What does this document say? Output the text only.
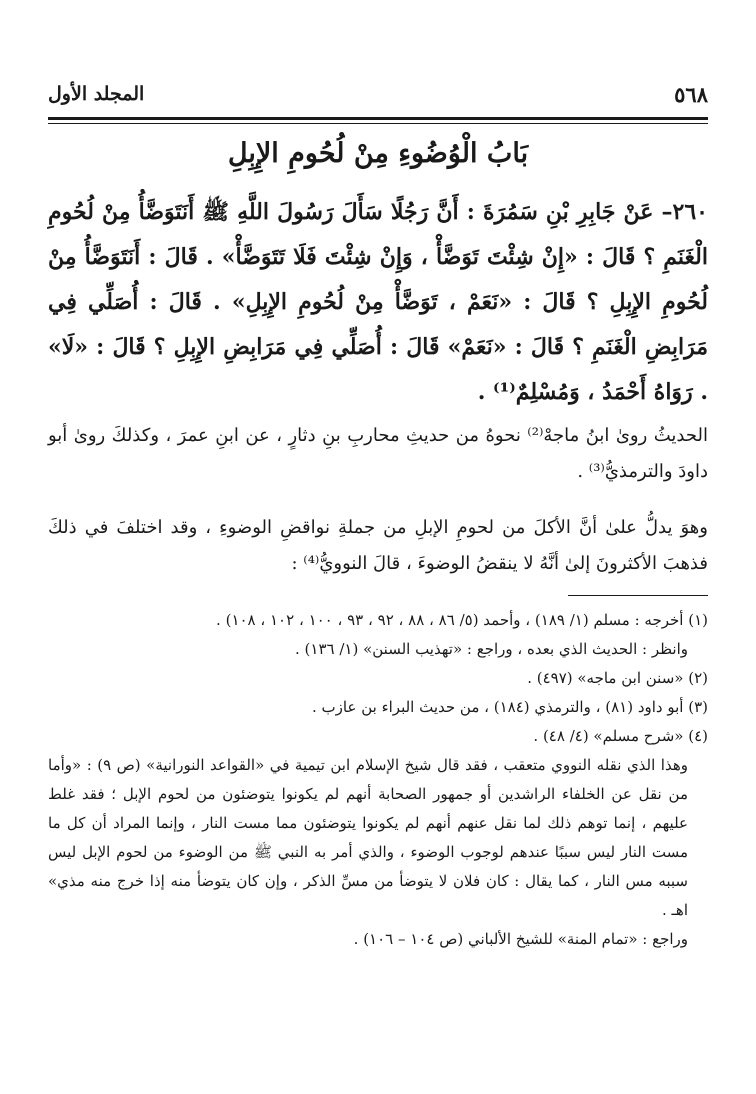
المجلد الأول	٥٦٨
بَابُ الْوُضُوءِ مِنْ لُحُومِ الإِبِلِ
٢٦٠– عَنْ جَابِرِ بْنِ سَمُرَةَ : أَنَّ رَجُلًا سَأَلَ رَسُولَ اللَّهِ ﷺ أَنَتَوَضَّأُ مِنْ لُحُومِ الْغَنَمِ ؟ قَالَ : «إِنْ شِئْتَ تَوَضَّأْ ، وَإِنْ شِئْتَ فَلَا تَتَوَضَّأْ» . قَالَ : أَنَتَوَضَّأُ مِنْ لُحُومِ الإِبِلِ ؟ قَالَ : «نَعَمْ ، تَوَضَّأْ مِنْ لُحُومِ الإِبِلِ» . قَالَ : أُصَلِّي فِي مَرَابِضِ الْغَنَمِ ؟ قَالَ : «نَعَمْ» قَالَ : أُصَلِّي فِي مَرَابِضِ الإِبِلِ ؟ قَالَ : «لَا» . رَوَاهُ أَحْمَدُ ، وَمُسْلِمٌ⁽¹⁾ .
الحديثُ روىٰ ابنُ ماجهْ⁽²⁾ نحوهُ من حديثِ محاربِ بنِ دثارٍ ، عن ابنِ عمرَ ، وكذلكَ روىٰ أبو داودَ والترمذيُّ⁽³⁾ .
وهوَ يدلُّ علىٰ أنَّ الأكلَ من لحومِ الإبلِ من جملةِ نواقضِ الوضوءِ ، وقد اختلفَ في ذلكَ فذهبَ الأكثرونَ إلىٰ أنَّهُ لا ينقضُ الوضوءَ ، قالَ النوويُّ⁽⁴⁾ :

(١) أخرجه : مسلم (١/ ١٨٩) ، وأحمد (٥/ ٨٦ ، ٨٨ ، ٩٢ ، ٩٣ ، ١٠٠ ، ١٠٢ ، ١٠٨) .

وانظر : الحديث الذي بعده ، وراجع : «تهذيب السنن» (١/ ١٣٦) .

(٢) «سنن ابن ماجه» (٤٩٧) .

(٣) أبو داود (٨١) ، والترمذي (١٨٤) ، من حديث البراء بن عازب .

(٤) «شرح مسلم» (٤/ ٤٨) .

وهذا الذي نقله النووي متعقب ، فقد قال شيخ الإسلام ابن تيمية في «القواعد النورانية» (ص ٩) : «وأما من نقل عن الخلفاء الراشدين أو جمهور الصحابة أنهم لم يكونوا يتوضئون من لحوم الإبل ؛ فقد غلط عليهم ، إنما توهم ذلك لما نقل عنهم أنهم لم يكونوا يتوضئون مما مست النار ، وإنما المراد أن كل ما مست النار ليس سببًا عندهم لوجوب الوضوء ، والذي أمر به النبي ﷺ من الوضوء من لحوم الإبل ليس سببه مس النار ، كما يقال : كان فلان لا يتوضأ من مسِّ الذكر ، وإن كان يتوضأ منه إذا خرج منه مذي» اهـ .

وراجع : «تمام المنة» للشيخ الألباني (ص ١٠٤ – ١٠٦) .
